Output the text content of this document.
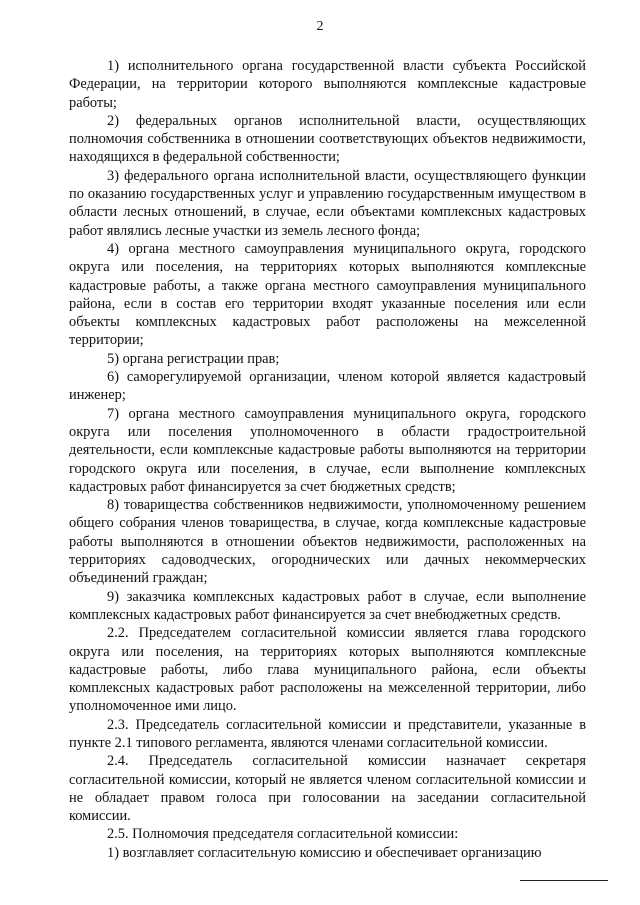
2

1) исполнительного органа государственной власти субъекта Российской Федерации, на территории которого выполняются комплексные кадастровые работы;

2) федеральных органов исполнительной власти, осуществляющих полномочия собственника в отношении соответствующих объектов недвижимости, находящихся в федеральной собственности;

3) федерального органа исполнительной власти, осуществляющего функции по оказанию государственных услуг и управлению государственным имуществом в области лесных отношений, в случае, если объектами комплексных кадастровых работ являлись лесные участки из земель лесного фонда;

4) органа местного самоуправления муниципального округа, городского округа или поселения, на территориях которых выполняются комплексные кадастровые работы, а также органа местного самоуправления муниципального района, если в состав его территории входят указанные поселения или если объекты комплексных кадастровых работ расположены на межселенной территории;

5) органа регистрации прав;

6) саморегулируемой организации, членом которой является кадастровый инженер;

7) органа местного самоуправления муниципального округа, городского округа или поселения уполномоченного в области градостроительной деятельности, если комплексные кадастровые работы выполняются на территории городского округа или поселения, в случае, если выполнение комплексных кадастровых работ финансируется за счет бюджетных средств;

8) товарищества собственников недвижимости, уполномоченному решением общего собрания членов товарищества, в случае, когда комплексные кадастровые работы выполняются в отношении объектов недвижимости, расположенных на территориях садоводческих, огороднических или дачных некоммерческих объединений граждан;

9) заказчика комплексных кадастровых работ в случае, если выполнение комплексных кадастровых работ финансируется за счет внебюджетных средств.

2.2. Председателем согласительной комиссии является глава городского округа или поселения, на территориях которых выполняются комплексные кадастровые работы, либо глава муниципального района, если объекты комплексных кадастровых работ расположены на межселенной территории, либо уполномоченное ими лицо.

2.3. Председатель согласительной комиссии и представители, указанные в пункте 2.1 типового регламента, являются членами согласительной комиссии.

2.4. Председатель согласительной комиссии назначает секретаря согласительной комиссии, который не является членом согласительной комиссии и не обладает правом голоса при голосовании на заседании согласительной комиссии.

2.5. Полномочия председателя согласительной комиссии:

1) возглавляет согласительную комиссию и обеспечивает организацию
